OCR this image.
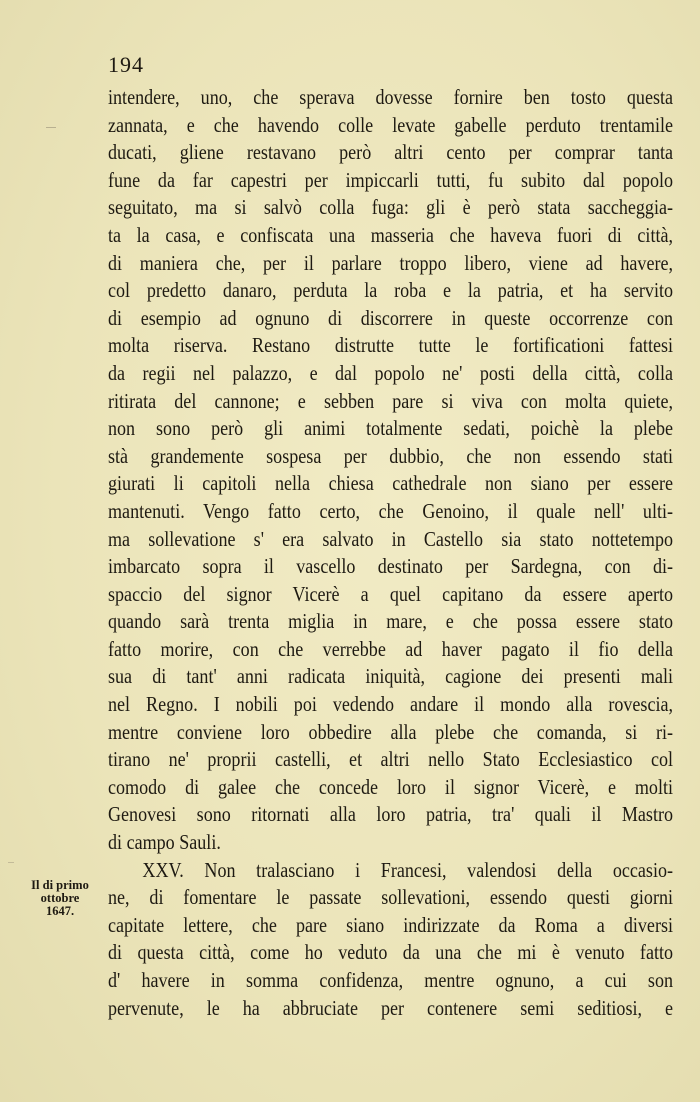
194
intendere, uno, che sperava dovesse fornire ben tosto questa
zannata, e che havendo colle levate gabelle perduto trentamile
ducati, gliene restavano però altri cento per comprar tanta
fune da far capestri per impiccarli tutti, fu subito dal popolo
seguitato, ma si salvò colla fuga: gli è però stata saccheggia-
ta la casa, e confiscata una masseria che haveva fuori di città,
di maniera che, per il parlare troppo libero, viene ad havere,
col predetto danaro, perduta la roba e la patria, et ha servito
di esempio ad ognuno di discorrere in queste occorrenze con
molta riserva. Restano distrutte tutte le fortificationi fattesi
da regii nel palazzo, e dal popolo ne' posti della città, colla
ritirata del cannone; e sebben pare si viva con molta quiete,
non sono però gli animi totalmente sedati, poichè la plebe
stà grandemente sospesa per dubbio, che non essendo stati
giurati li capitoli nella chiesa cathedrale non siano per essere
mantenuti. Vengo fatto certo, che Genoino, il quale nell' ulti-
ma sollevatione s' era salvato in Castello sia stato nottetempo
imbarcato sopra il vascello destinato per Sardegna, con di-
spaccio del signor Vicerè a quel capitano da essere aperto
quando sarà trenta miglia in mare, e che possa essere stato
fatto morire, con che verrebbe ad haver pagato il fio della
sua di tant' anni radicata iniquità, cagione dei presenti mali
nel Regno. I nobili poi vedendo andare il mondo alla rovescia,
mentre conviene loro obbedire alla plebe che comanda, si ri-
tirano ne' proprii castelli, et altri nello Stato Ecclesiastico col
comodo di galee che concede loro il signor Vicerè, e molti
Genovesi sono ritornati alla loro patria, tra' quali il Mastro
di campo Sauli.
XXV. Non tralasciano i Francesi, valendosi della occasio-
ne, di fomentare le passate sollevationi, essendo questi giorni
capitate lettere, che pare siano indirizzate da Roma a diversi
di questa città, come ho veduto da una che mi è venuto fatto
d' havere in somma confidenza, mentre ognuno, a cui son
pervenute, le ha abbruciate per contenere semi seditiosi, e
Il di primo
ottobre
1647.
